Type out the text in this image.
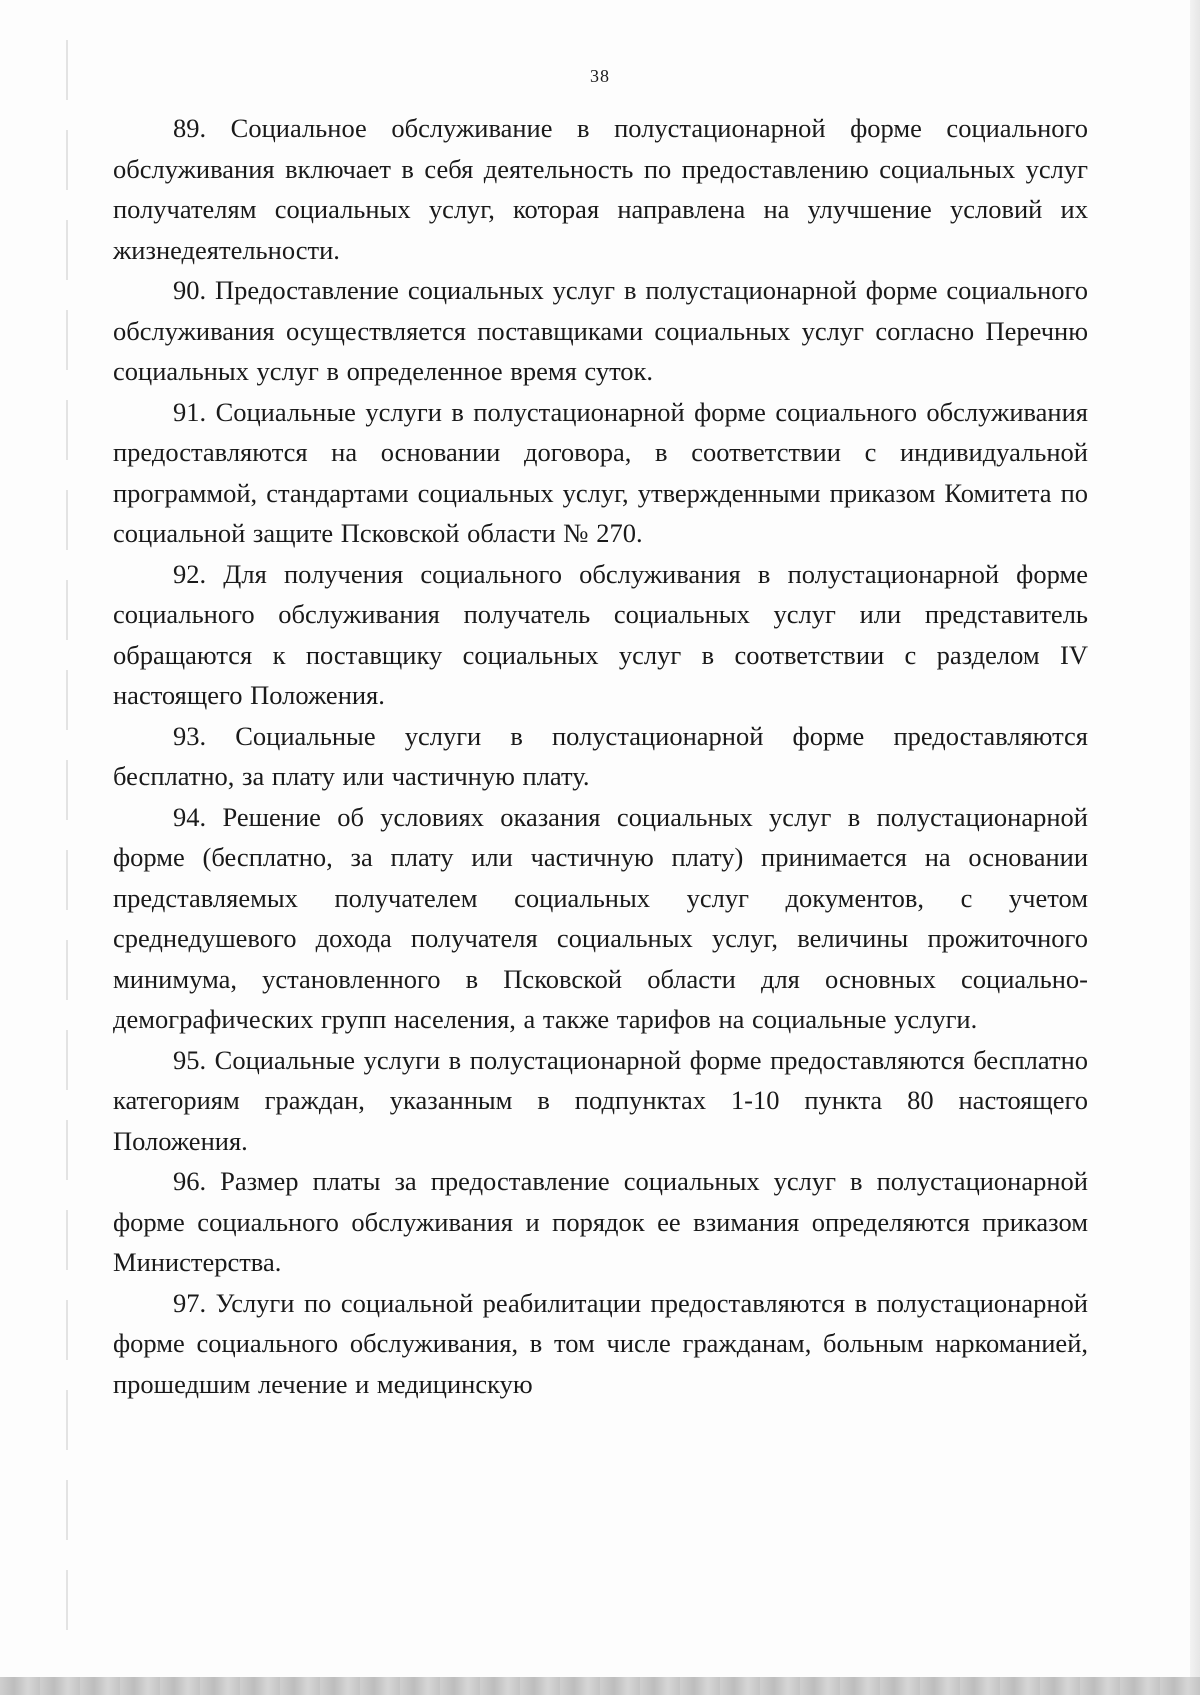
38

89. Социальное обслуживание в полустационарной форме социального обслуживания включает в себя деятельность по предоставлению социальных услуг получателям социальных услуг, которая направлена на улучшение условий их жизнедеятельности.

90. Предоставление социальных услуг в полустационарной форме социального обслуживания осуществляется поставщиками социальных услуг согласно Перечню социальных услуг в определенное время суток.

91. Социальные услуги в полустационарной форме социального обслуживания предоставляются на основании договора, в соответствии с индивидуальной программой, стандартами социальных услуг, утвержденными приказом Комитета по социальной защите Псковской области № 270.

92. Для получения социального обслуживания в полустационарной форме социального обслуживания получатель социальных услуг или представитель обращаются к поставщику социальных услуг в соответствии с разделом IV настоящего Положения.

93. Социальные услуги в полустационарной форме предоставляются бесплатно, за плату или частичную плату.

94. Решение об условиях оказания социальных услуг в полустационарной форме (бесплатно, за плату или частичную плату) принимается на основании представляемых получателем социальных услуг документов, с учетом среднедушевого дохода получателя социальных услуг, величины прожиточного минимума, установленного в Псковской области для основных социально-демографических групп населения, а также тарифов на социальные услуги.

95. Социальные услуги в полустационарной форме предоставляются бесплатно категориям граждан, указанным в подпунктах 1-10 пункта 80 настоящего Положения.

96. Размер платы за предоставление социальных услуг в полустационарной форме социального обслуживания и порядок ее взимания определяются приказом Министерства.

97. Услуги по социальной реабилитации предоставляются в полустационарной форме социального обслуживания, в том числе гражданам, больным наркоманией, прошедшим лечение и медицинскую
